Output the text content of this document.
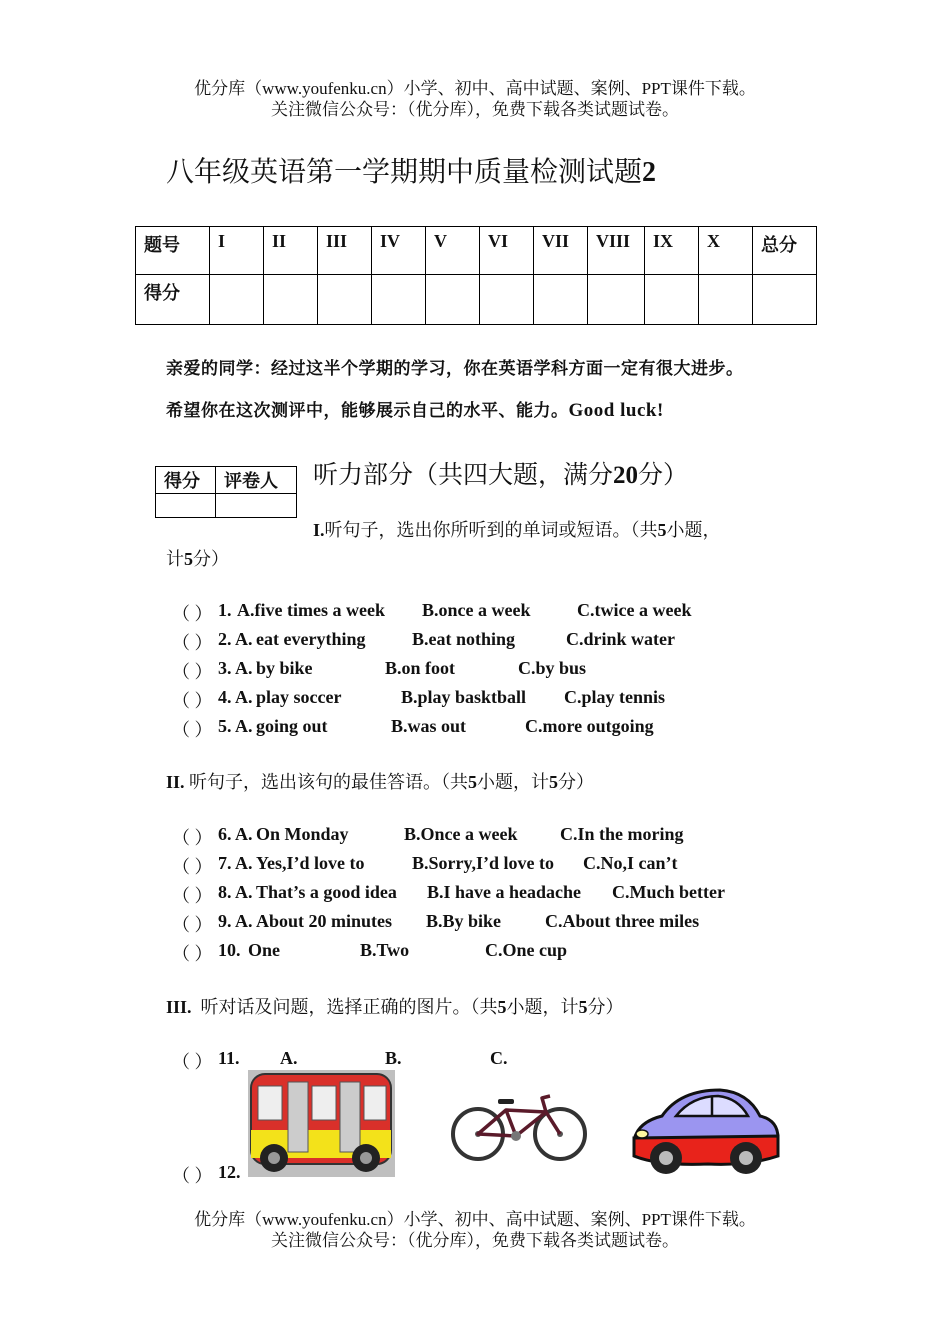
优分库（www.youfenku.cn）小学、初中、高中试题、案例、PPT课件下载。
关注微信公众号：（优分库），免费下载各类试题试卷。
八年级英语第一学期期中质量检测试题2
题号	I	II	III	IV	V	VI	VII	VIII	IX	X	总分
得分											
亲爱的同学：经过这半个学期的学习，你在英语学科方面一定有很大进步。
希望你在这次测评中，能够展示自己的水平、能力。Good luck!
得分	评卷人
	听力部分（共四大题，满分20分）
I.听句子，选出你所听到的单词或短语。（共5小题，
计5分）
（ ） 1. A.five times a week B.once a week	C.twice a week
（ ） 2. A. eat everything	B.eat nothing	C.drink water
（ ） 3. A. by bike	B.on foot	C.by bus
（ ） 4. A. play soccer	B.play basktball C.play tennis
（ ） 5. A. going out	B.was out	C.more outgoing
II. 听句子，选出该句的最佳答语。（共5小题，计5分）
（ ） 6. A. On Monday	B.Once a week C.In the moring
（ ） 7. A. Yes,I’d love to	B.Sorry,I’d love to C.No,I can’t
（ ） 8. A. That’s a good idea B.I have a headache C.Much better
（ ） 9. A. About 20 minutes B.By bike C.About three miles
（ ） 10. One	B.Two	C.One cup
III. 听对话及问题，选择正确的图片。（共5小题，计5分）
（ ） 11. A.	B.	C.
（ ） 12.
优分库（www.youfenku.cn）小学、初中、高中试题、案例、PPT课件下载。
关注微信公众号：（优分库），免费下载各类试题试卷。
